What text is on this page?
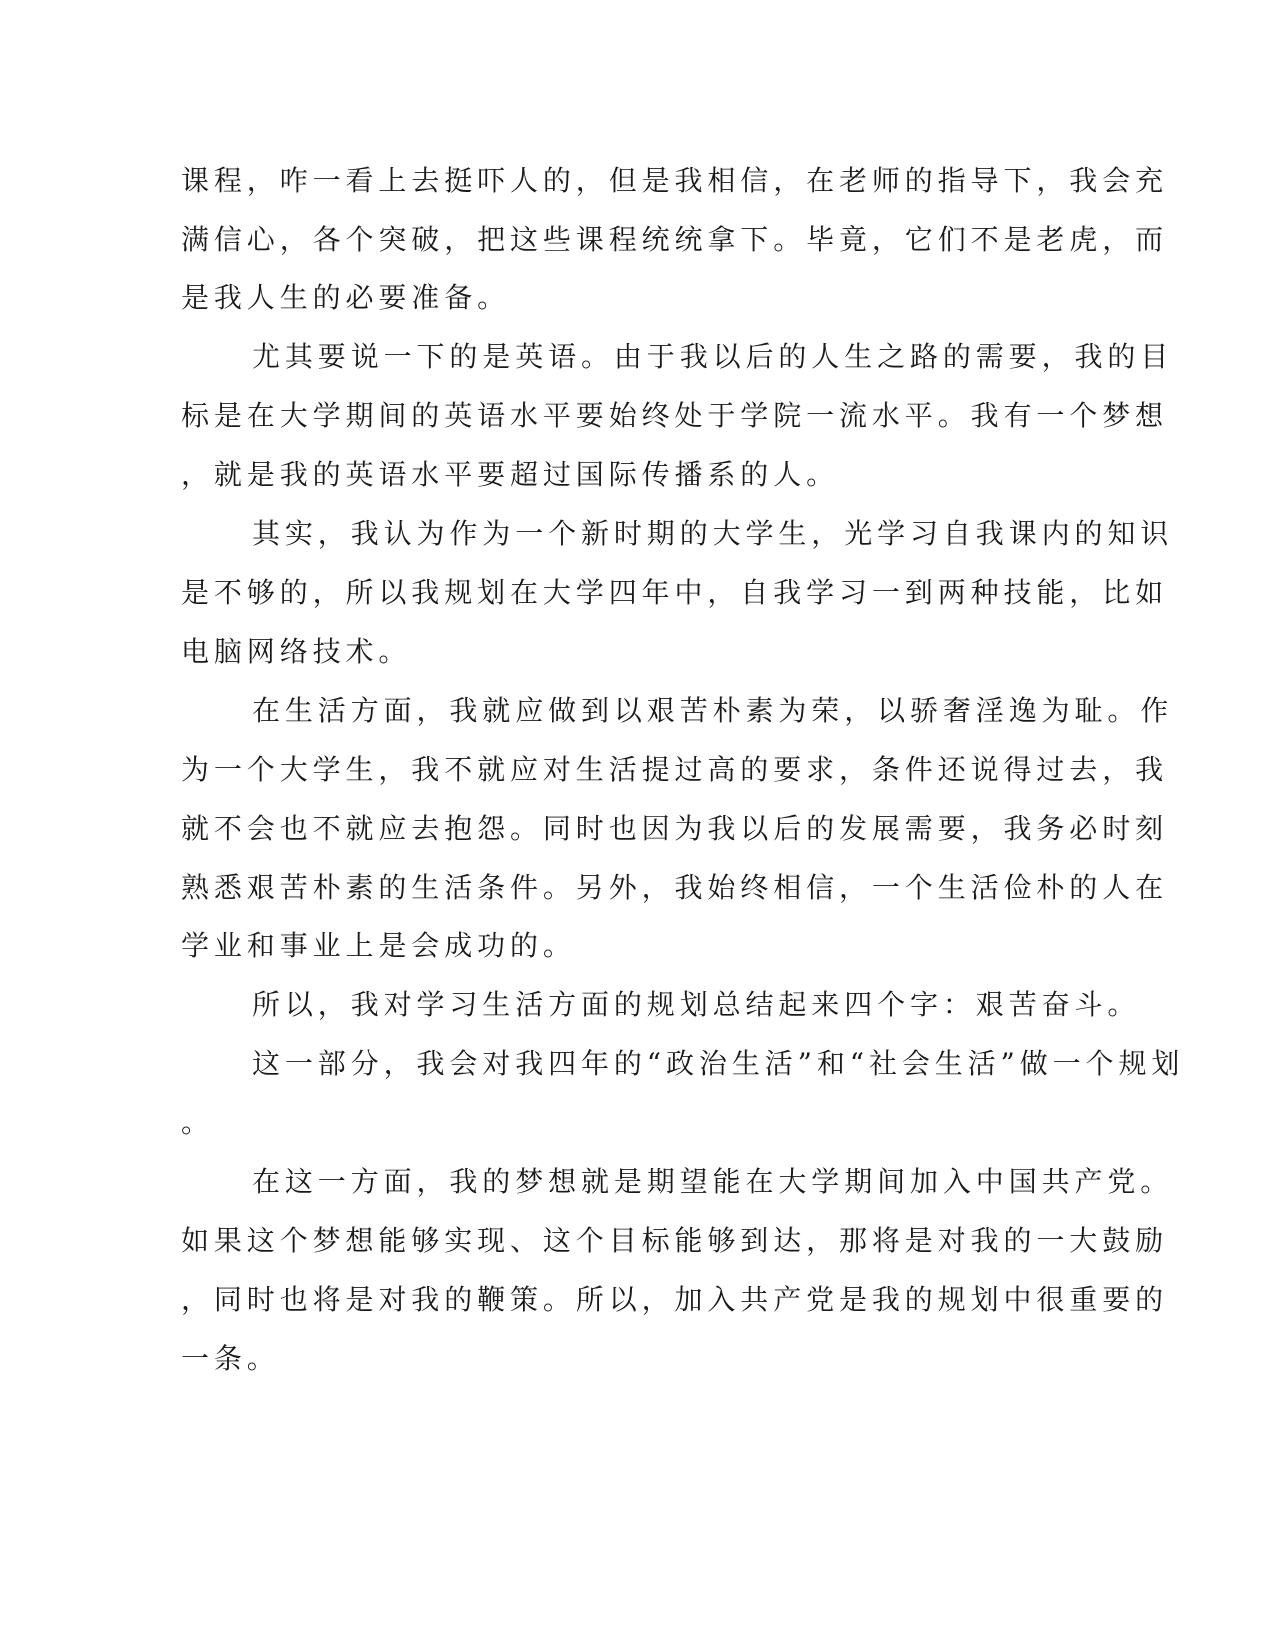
课程，咋一看上去挺吓人的，但是我相信，在老师的指导下，我会充

满信心，各个突破，把这些课程统统拿下。毕竟，它们不是老虎，而

是我人生的必要准备。

尤其要说一下的是英语。由于我以后的人生之路的需要，我的目

标是在大学期间的英语水平要始终处于学院一流水平。我有一个梦想

，就是我的英语水平要超过国际传播系的人。

其实，我认为作为一个新时期的大学生，光学习自我课内的知识

是不够的，所以我规划在大学四年中，自我学习一到两种技能，比如

电脑网络技术。

在生活方面，我就应做到以艰苦朴素为荣，以骄奢淫逸为耻。作

为一个大学生，我不就应对生活提过高的要求，条件还说得过去，我

就不会也不就应去抱怨。同时也因为我以后的发展需要，我务必时刻

熟悉艰苦朴素的生活条件。另外，我始终相信，一个生活俭朴的人在

学业和事业上是会成功的。

所以，我对学习生活方面的规划总结起来四个字：艰苦奋斗。

这一部分，我会对我四年的“政治生活”和“社会生活”做一个规划

。

在这一方面，我的梦想就是期望能在大学期间加入中国共产党。

如果这个梦想能够实现、这个目标能够到达，那将是对我的一大鼓励

，同时也将是对我的鞭策。所以，加入共产党是我的规划中很重要的

一条。
